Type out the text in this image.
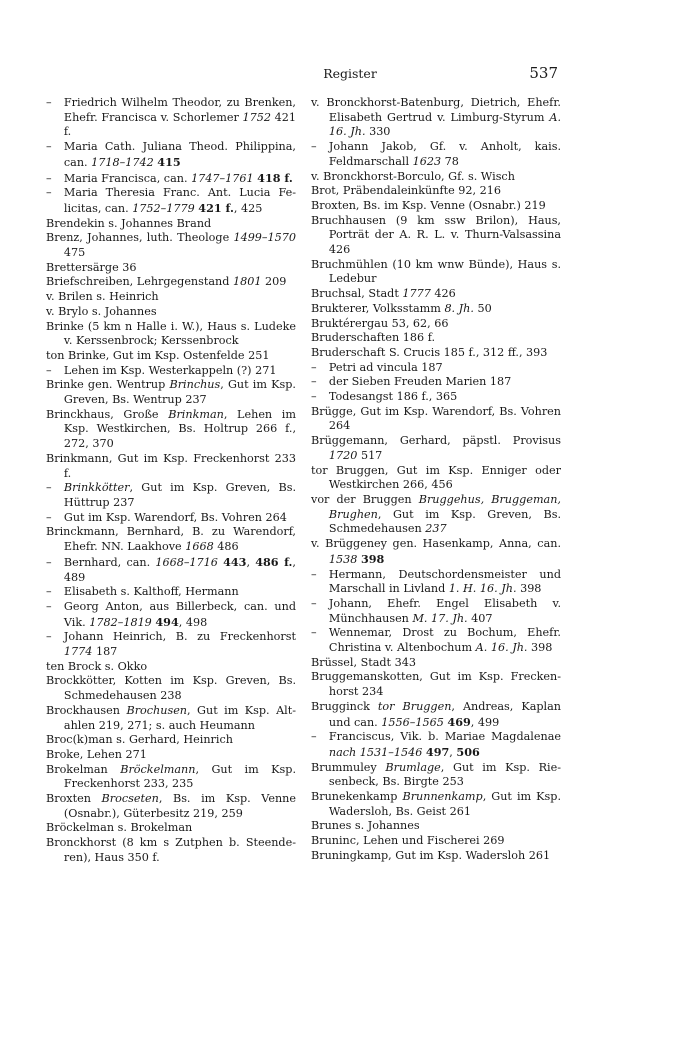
Register	537
– Friedrich Wilhelm Theodor, zu Brenken, Ehefr. Francisca v. Schorlemer 1752 421 f.
– Maria Cath. Juliana Theod. Philippina, can. 1718–1742 415
– Maria Francisca, can. 1747–1761 418 f.
– Maria Theresia Franc. Ant. Lucia Felicitas, can. 1752–1779 421 f., 425
Brendekin s. Johannes Brand
Brenz, Johannes, luth. Theologe 1499–1570 475
Brettersärge 36
Briefschreiben, Lehrgegenstand 1801 209
v. Brilen s. Heinrich
v. Brylo s. Johannes
Brinke (5 km n Halle i. W.), Haus s. Ludeke v. Kerssenbrock; Kerssenbrock
ton Brinke, Gut im Ksp. Ostenfelde 251
– Lehen im Ksp. Westerkappeln (?) 271
Brinke gen. Wentrup Brinchus, Gut im Ksp. Greven, Bs. Wentrup 237
Brinckhaus, Große Brinkman, Lehen im Ksp. Westkirchen, Bs. Holtrup 266 f., 272, 370
Brinkmann, Gut im Ksp. Freckenhorst 233 f.
– Brinkkötter, Gut im Ksp. Greven, Bs. Hüttrup 237
– Gut im Ksp. Warendorf, Bs. Vohren 264
Brinckmann, Bernhard, B. zu Warendorf, Ehefr. NN. Laakhove 1668 486
– Bernhard, can. 1668–1716 443, 486 f., 489
– Elisabeth s. Kalthoff, Hermann
– Georg Anton, aus Billerbeck, can. und Vik. 1782–1819 494, 498
– Johann Heinrich, B. zu Freckenhorst 1774 187
ten Brock s. Okko
Brockkötter, Kotten im Ksp. Greven, Bs. Schmedehausen 238
Brockhausen Brochusen, Gut im Ksp. Altahlen 219, 271; s. auch Heumann
Broc(k)man s. Gerhard, Heinrich
Broke, Lehen 271
Brokelman Bröckelmann, Gut im Ksp. Freckenhorst 233, 235
Broxten Brocseten, Bs. im Ksp. Venne (Osnabr.), Güterbesitz 219, 259
Bröckelman s. Brokelman
Bronckhorst (8 km s Zutphen b. Steenderen), Haus 350 f.
v. Bronckhorst-Batenburg, Dietrich, Ehefr. Elisabeth Gertrud v. Limburg-Styrum A. 16. Jh. 330
– Johann Jakob, Gf. v. Anholt, kais. Feldmarschall 1623 78
v. Bronckhorst-Borculo, Gf. s. Wisch
Brot, Präbendaleinkünfte 92, 216
Broxten, Bs. im Ksp. Venne (Osnabr.) 219
Bruchhausen (9 km ssw Brilon), Haus, Porträt der A. R. L. v. Thurn-Valsassina 426
Bruchmühlen (10 km wnw Bünde), Haus s. Ledebur
Bruchsal, Stadt 1777 426
Brukterer, Volksstamm 8. Jh. 50
Bruktérergau 53, 62, 66
Bruderschaften 186 f.
Bruderschaft S. Crucis 185 f., 312 ff., 393
– Petri ad vincula 187
– der Sieben Freuden Marien 187
– Todesangst 186 f., 365
Brügge, Gut im Ksp. Warendorf, Bs. Vohren 264
Brüggemann, Gerhard, päpstl. Provisus 1720 517
tor Bruggen, Gut im Ksp. Enniger oder Westkirchen 266, 456
vor der Bruggen Bruggehus, Bruggeman, Brughen, Gut im Ksp. Greven, Bs. Schmedehausen 237
v. Brüggeney gen. Hasenkamp, Anna, can. 1538 398
– Hermann, Deutschordensmeister und Marschall in Livland 1. H. 16. Jh. 398
– Johann, Ehefr. Engel Elisabeth v. Münchhausen M. 17. Jh. 407
– Wennemar, Drost zu Bochum, Ehefr. Christina v. Altenbochum A. 16. Jh. 398
Brüssel, Stadt 343
Bruggemanskotten, Gut im Ksp. Freckenhorst 234
Brugginck tor Bruggen, Andreas, Kaplan und can. 1556–1565 469, 499
– Franciscus, Vik. b. Mariae Magdalenae nach 1531–1546 497, 506
Brummuley Brumlage, Gut im Ksp. Riesenbeck, Bs. Birgte 253
Brunekenkamp Brunnenkamp, Gut im Ksp. Wadersloh, Bs. Geist 261
Brunes s. Johannes
Bruninc, Lehen und Fischerei 269
Bruningkamp, Gut im Ksp. Wadersloh 261
